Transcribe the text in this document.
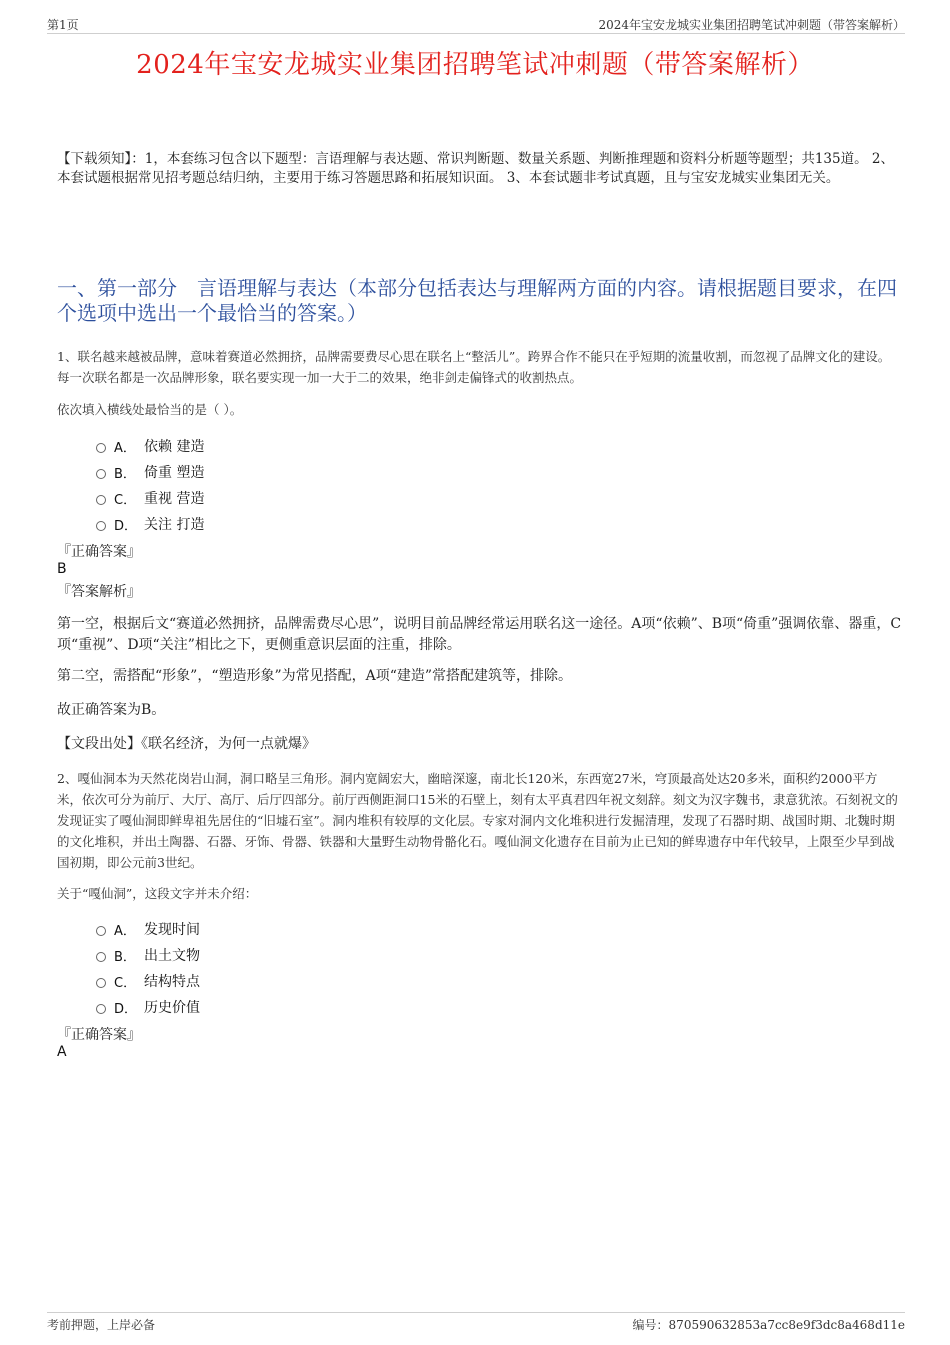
第1页	2024年宝安龙城实业集团招聘笔试冲刺题（带答案解析）
2024年宝安龙城实业集团招聘笔试冲刺题（带答案解析）
【下载须知】：1，本套练习包含以下题型：言语理解与表达题、常识判断题、数量关系题、判断推理题和资料分析题等题型；共135道。 2、本套试题根据常见招考题总结归纳，主要用于练习答题思路和拓展知识面。 3、本套试题非考试真题，且与宝安龙城实业集团无关。
一、第一部分　言语理解与表达（本部分包括表达与理解两方面的内容。请根据题目要求，在四个选项中选出一个最恰当的答案。）
1、联名越来越被品牌，意味着赛道必然拥挤，品牌需要费尽心思在联名上“整活儿”。跨界合作不能只在乎短期的流量收割，而忽视了品牌文化的建设。每一次联名都是一次品牌形象，联名要实现一加一大于二的效果，绝非剑走偏锋式的收割热点。
依次填入横线处最恰当的是（ ）。
A． 依赖 建造
B． 倚重 塑造
C． 重视 营造
D． 关注 打造
『正确答案』
B
『答案解析』
第一空，根据后文“赛道必然拥挤，品牌需费尽心思”，说明目前品牌经常运用联名这一途径。A项“依赖”、B项“倚重”强调依靠、器重，C项“重视”、D项“关注”相比之下，更侧重意识层面的注重，排除。
第二空，需搭配“形象”，“塑造形象”为常见搭配，A项“建造”常搭配建筑等，排除。
故正确答案为B。
【文段出处】《联名经济，为何一点就爆》
2、嘎仙洞本为天然花岗岩山洞，洞口略呈三角形。洞内宽阔宏大，幽暗深邃，南北长120米，东西宽27米，穹顶最高处达20多米，面积约2000平方米，依次可分为前厅、大厅、高厅、后厅四部分。前厅西侧距洞口15米的石壁上，刻有太平真君四年祝文刻辞。刻文为汉字魏书，隶意犹浓。石刻祝文的发现证实了嘎仙洞即鲜卑祖先居住的“旧墟石室”。洞内堆积有较厚的文化层。专家对洞内文化堆积进行发掘清理，发现了石器时期、战国时期、北魏时期的文化堆积，并出土陶器、石器、牙饰、骨器、铁器和大量野生动物骨骼化石。嘎仙洞文化遗存在目前为止已知的鲜卑遗存中年代较早，上限至少早到战国初期，即公元前3世纪。
关于“嘎仙洞”，这段文字并未介绍：
A． 发现时间
B． 出土文物
C． 结构特点
D． 历史价值
『正确答案』
A
考前押题，上岸必备	编号：870590632853a7cc8e9f3dc8a468d11e
